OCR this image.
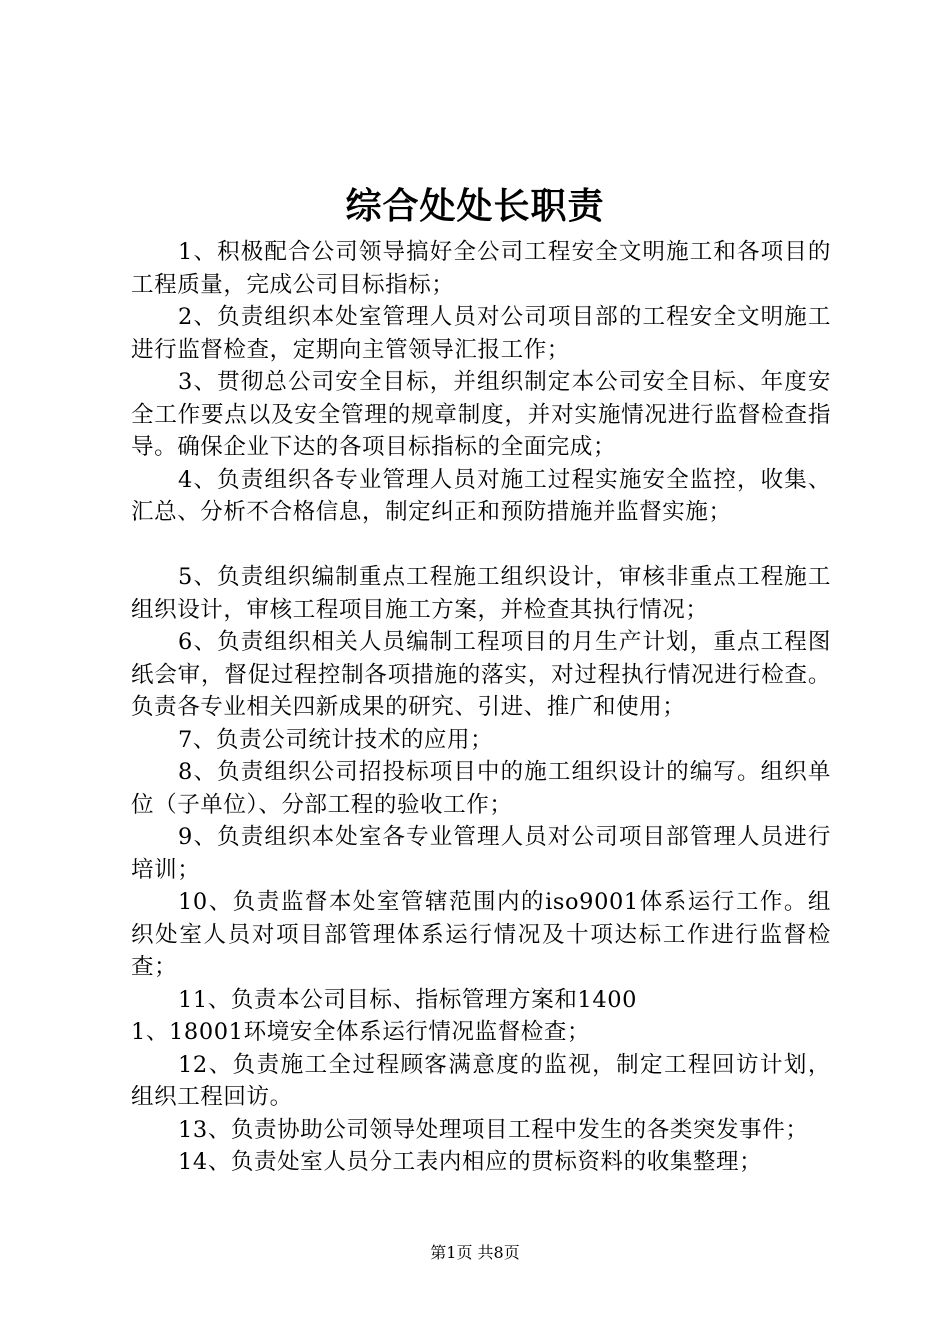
综合处处长职责

1、积极配合公司领导搞好全公司工程安全文明施工和各项目的工程质量，完成公司目标指标；

2、负责组织本处室管理人员对公司项目部的工程安全文明施工进行监督检查，定期向主管领导汇报工作；

3、贯彻总公司安全目标，并组织制定本公司安全目标、年度安全工作要点以及安全管理的规章制度，并对实施情况进行监督检查指导。确保企业下达的各项目标指标的全面完成；

4、负责组织各专业管理人员对施工过程实施安全监控，收集、汇总、分析不合格信息，制定纠正和预防措施并监督实施；

5、负责组织编制重点工程施工组织设计，审核非重点工程施工组织设计，审核工程项目施工方案，并检查其执行情况；

6、负责组织相关人员编制工程项目的月生产计划，重点工程图纸会审，督促过程控制各项措施的落实，对过程执行情况进行检查。负责各专业相关四新成果的研究、引进、推广和使用；

7、负责公司统计技术的应用；

8、负责组织公司招投标项目中的施工组织设计的编写。组织单位（子单位）、分部工程的验收工作；

9、负责组织本处室各专业管理人员对公司项目部管理人员进行培训；

10、负责监督本处室管辖范围内的iso9001体系运行工作。组织处室人员对项目部管理体系运行情况及十项达标工作进行监督检查；

11、负责本公司目标、指标管理方案和1400

1、18001环境安全体系运行情况监督检查；

12、负责施工全过程顾客满意度的监视，制定工程回访计划，组织工程回访。

13、负责协助公司领导处理项目工程中发生的各类突发事件；

14、负责处室人员分工表内相应的贯标资料的收集整理；

第1页 共8页
